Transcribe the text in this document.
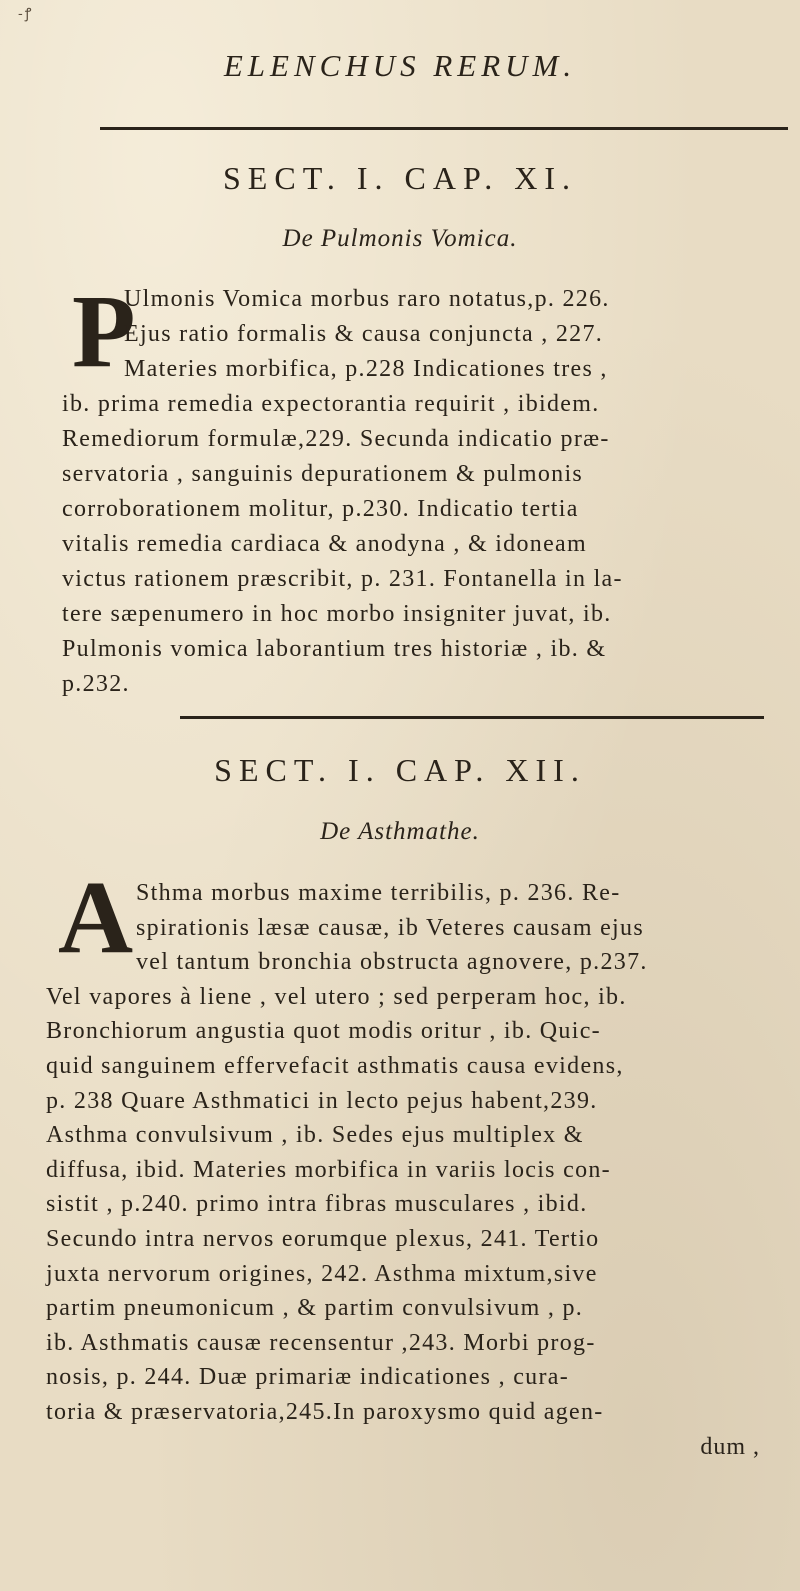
-ꝭ
ELENCHUS RERUM.
SECT. I. CAP. XI.
De Pulmonis Vomica.
P
Ulmonis Vomica morbus raro notatus,p. 226.
Ejus ratio formalis & causa conjuncta , 227.
Materies morbifica, p.228 Indicationes tres ,
ib. prima remedia expectorantia requirit , ibidem.
Remediorum formulæ,229. Secunda indicatio præ-
servatoria , sanguinis depurationem & pulmonis
corroborationem molitur, p.230. Indicatio tertia
vitalis remedia cardiaca & anodyna , & idoneam
victus rationem præscribit, p. 231. Fontanella in la-
tere sæpenumero in hoc morbo insigniter juvat, ib.
Pulmonis vomica laborantium tres historiæ , ib. &
p.232.
SECT. I. CAP. XII.
De Asthmathe.
A Sthma morbus maxime terribilis, p. 236. Re-
spirationis læsæ causæ, ib Veteres causam ejus
vel tantum bronchia obstructa agnovere, p.237.
Vel vapores à liene , vel utero ; sed perperam hoc, ib.
Bronchiorum angustia quot modis oritur , ib. Quic-
quid sanguinem effervefacit asthmatis causa evidens,
p. 238 Quare Asthmatici in lecto pejus habent,239.
Asthma convulsivum , ib. Sedes ejus multiplex &
diffusa, ibid. Materies morbifica in variis locis con-
sistit , p.240. primo intra fibras musculares , ibid.
Secundo intra nervos eorumque plexus, 241. Tertio
juxta nervorum origines, 242. Asthma mixtum,sive
partim pneumonicum , & partim convulsivum , p.
ib. Asthmatis causæ recensentur ,243. Morbi prog-
nosis, p. 244. Duæ primariæ indicationes , cura-
toria & præservatoria,245.In paroxysmo quid agen-
dum ,
